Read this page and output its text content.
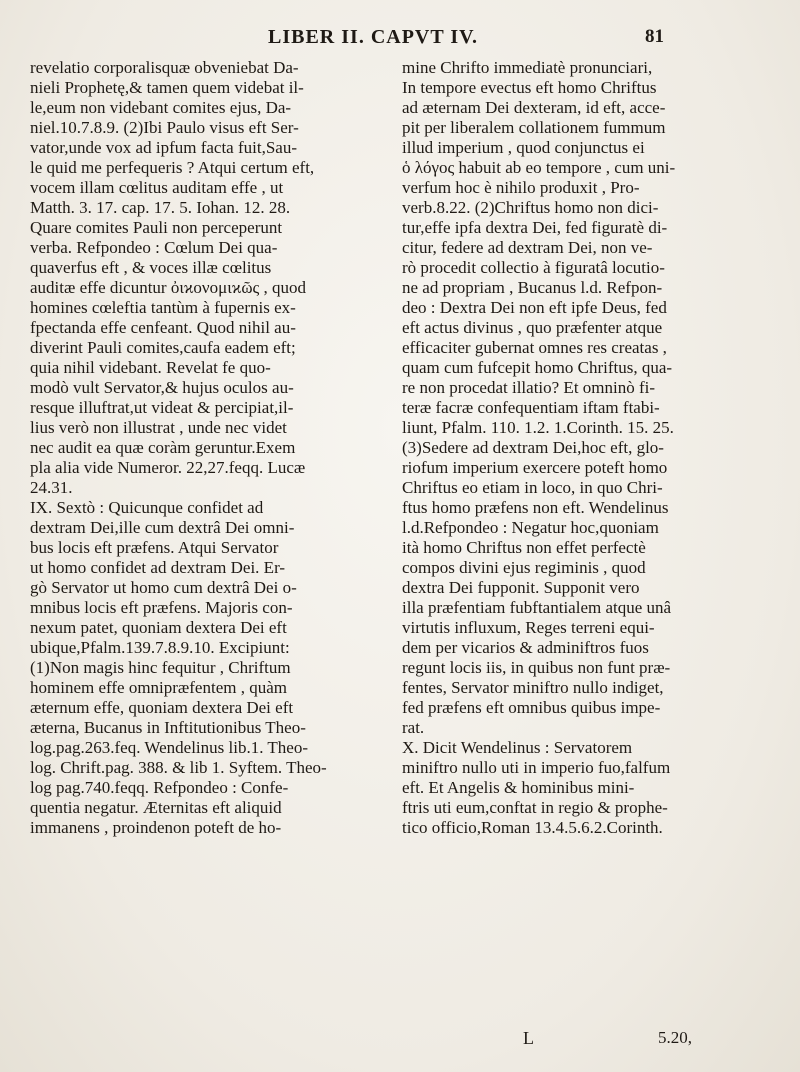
LIBER II. CAPVT IV.	81
revelatio corporalisquæ obveniebat Da-
nieli Prophetę,& tamen quem videbat il-
le,eum non videbant comites ejus, Da-
niel.10.7.8.9. (2)Ibi Paulo visus eft Ser-
vator,unde vox ad ipfum facta fuit,Sau-
le quid me perfequeris ? Atqui certum eft,
vocem illam cœlitus auditam effe , ut
Matth. 3. 17. cap. 17. 5. Iohan. 12. 28.
Quare comites Pauli non perceperunt
verba. Refpondeo : Cœlum Dei qua-
quaverfus eft , & voces illæ cœlitus
auditæ effe dicuntur ὀιϰονομιϰῶς , quod
homines cœleftia tantùm à fupernis ex-
fpectanda effe cenfeant. Quod nihil au-
diverint Pauli comites,caufa eadem eft;
quia nihil videbant. Revelat fe quo-
modò vult Servator,& hujus oculos au-
resque illuftrat,ut videat & percipiat,il-
lius verò non illustrat , unde nec videt
nec audit ea quæ coràm geruntur.Exem
pla alia vide Numeror. 22,27.feqq. Lucæ
24.31.
IX. Sextò : Quicunque confidet ad
dextram Dei,ille cum dextrâ Dei omni-
bus locis eft præfens. Atqui Servator
ut homo confidet ad dextram Dei. Er-
gò Servator ut homo cum dextrâ Dei o-
mnibus locis eft præfens. Majoris con-
nexum patet, quoniam dextera Dei eft
ubique,Pfalm.139.7.8.9.10. Excipiunt:
(1)Non magis hinc fequitur , Chriftum
hominem effe omnipræfentem , quàm
æternum effe, quoniam dextera Dei eft
æterna, Bucanus in Inftitutionibus Theo-
log.pag.263.feq. Wendelinus lib.1. Theo-
log. Chrift.pag. 388. & lib 1. Syftem. Theo-
log pag.740.feqq. Refpondeo : Confe-
quentia negatur. Æternitas eft aliquid
immanens , proindenon poteft de ho-
mine Chrifto immediatè pronunciari,
In tempore evectus eft homo Chriftus
ad æternam Dei dexteram, id eft, acce-
pit per liberalem collationem fummum
illud imperium , quod conjunctus ei
ὁ λόγος habuit ab eo tempore , cum uni-
verfum hoc è nihilo produxit , Pro-
verb.8.22. (2)Chriftus homo non dici-
tur,effe ipfa dextra Dei, fed figuratè di-
citur, federe ad dextram Dei, non ve-
rò procedit collectio à figuratâ locutio-
ne ad propriam , Bucanus l.d. Refpon-
deo : Dextra Dei non eft ipfe Deus, fed
eft actus divinus , quo præfenter atque
efficaciter gubernat omnes res creatas ,
quam cum fufcepit homo Chriftus, qua-
re non procedat illatio? Et omninò fi-
teræ facræ confequentiam iftam ftabi-
liunt, Pfalm. 110. 1.2. 1.Corinth. 15. 25.
(3)Sedere ad dextram Dei,hoc eft, glo-
riofum imperium exercere poteft homo
Chriftus eo etiam in loco, in quo Chri-
ftus homo præfens non eft. Wendelinus
l.d.Refpondeo : Negatur hoc,quoniam
ità homo Chriftus non effet perfectè
compos divini ejus regiminis , quod
dextra Dei fupponit. Supponit vero
illa præfentiam fubftantialem atque unâ
virtutis influxum, Reges terreni equi-
dem per vicarios & adminiftros fuos
regunt locis iis, in quibus non funt præ-
fentes, Servator miniftro nullo indiget,
fed præfens eft omnibus quibus impe-
rat.
X. Dicit Wendelinus : Servatorem
miniftro nullo uti in imperio fuo,falfum
eft. Et Angelis & hominibus mini-
ftris uti eum,conftat in regio & prophe-
tico officio,Roman 13.4.5.6.2.Corinth.
L	5.20,
